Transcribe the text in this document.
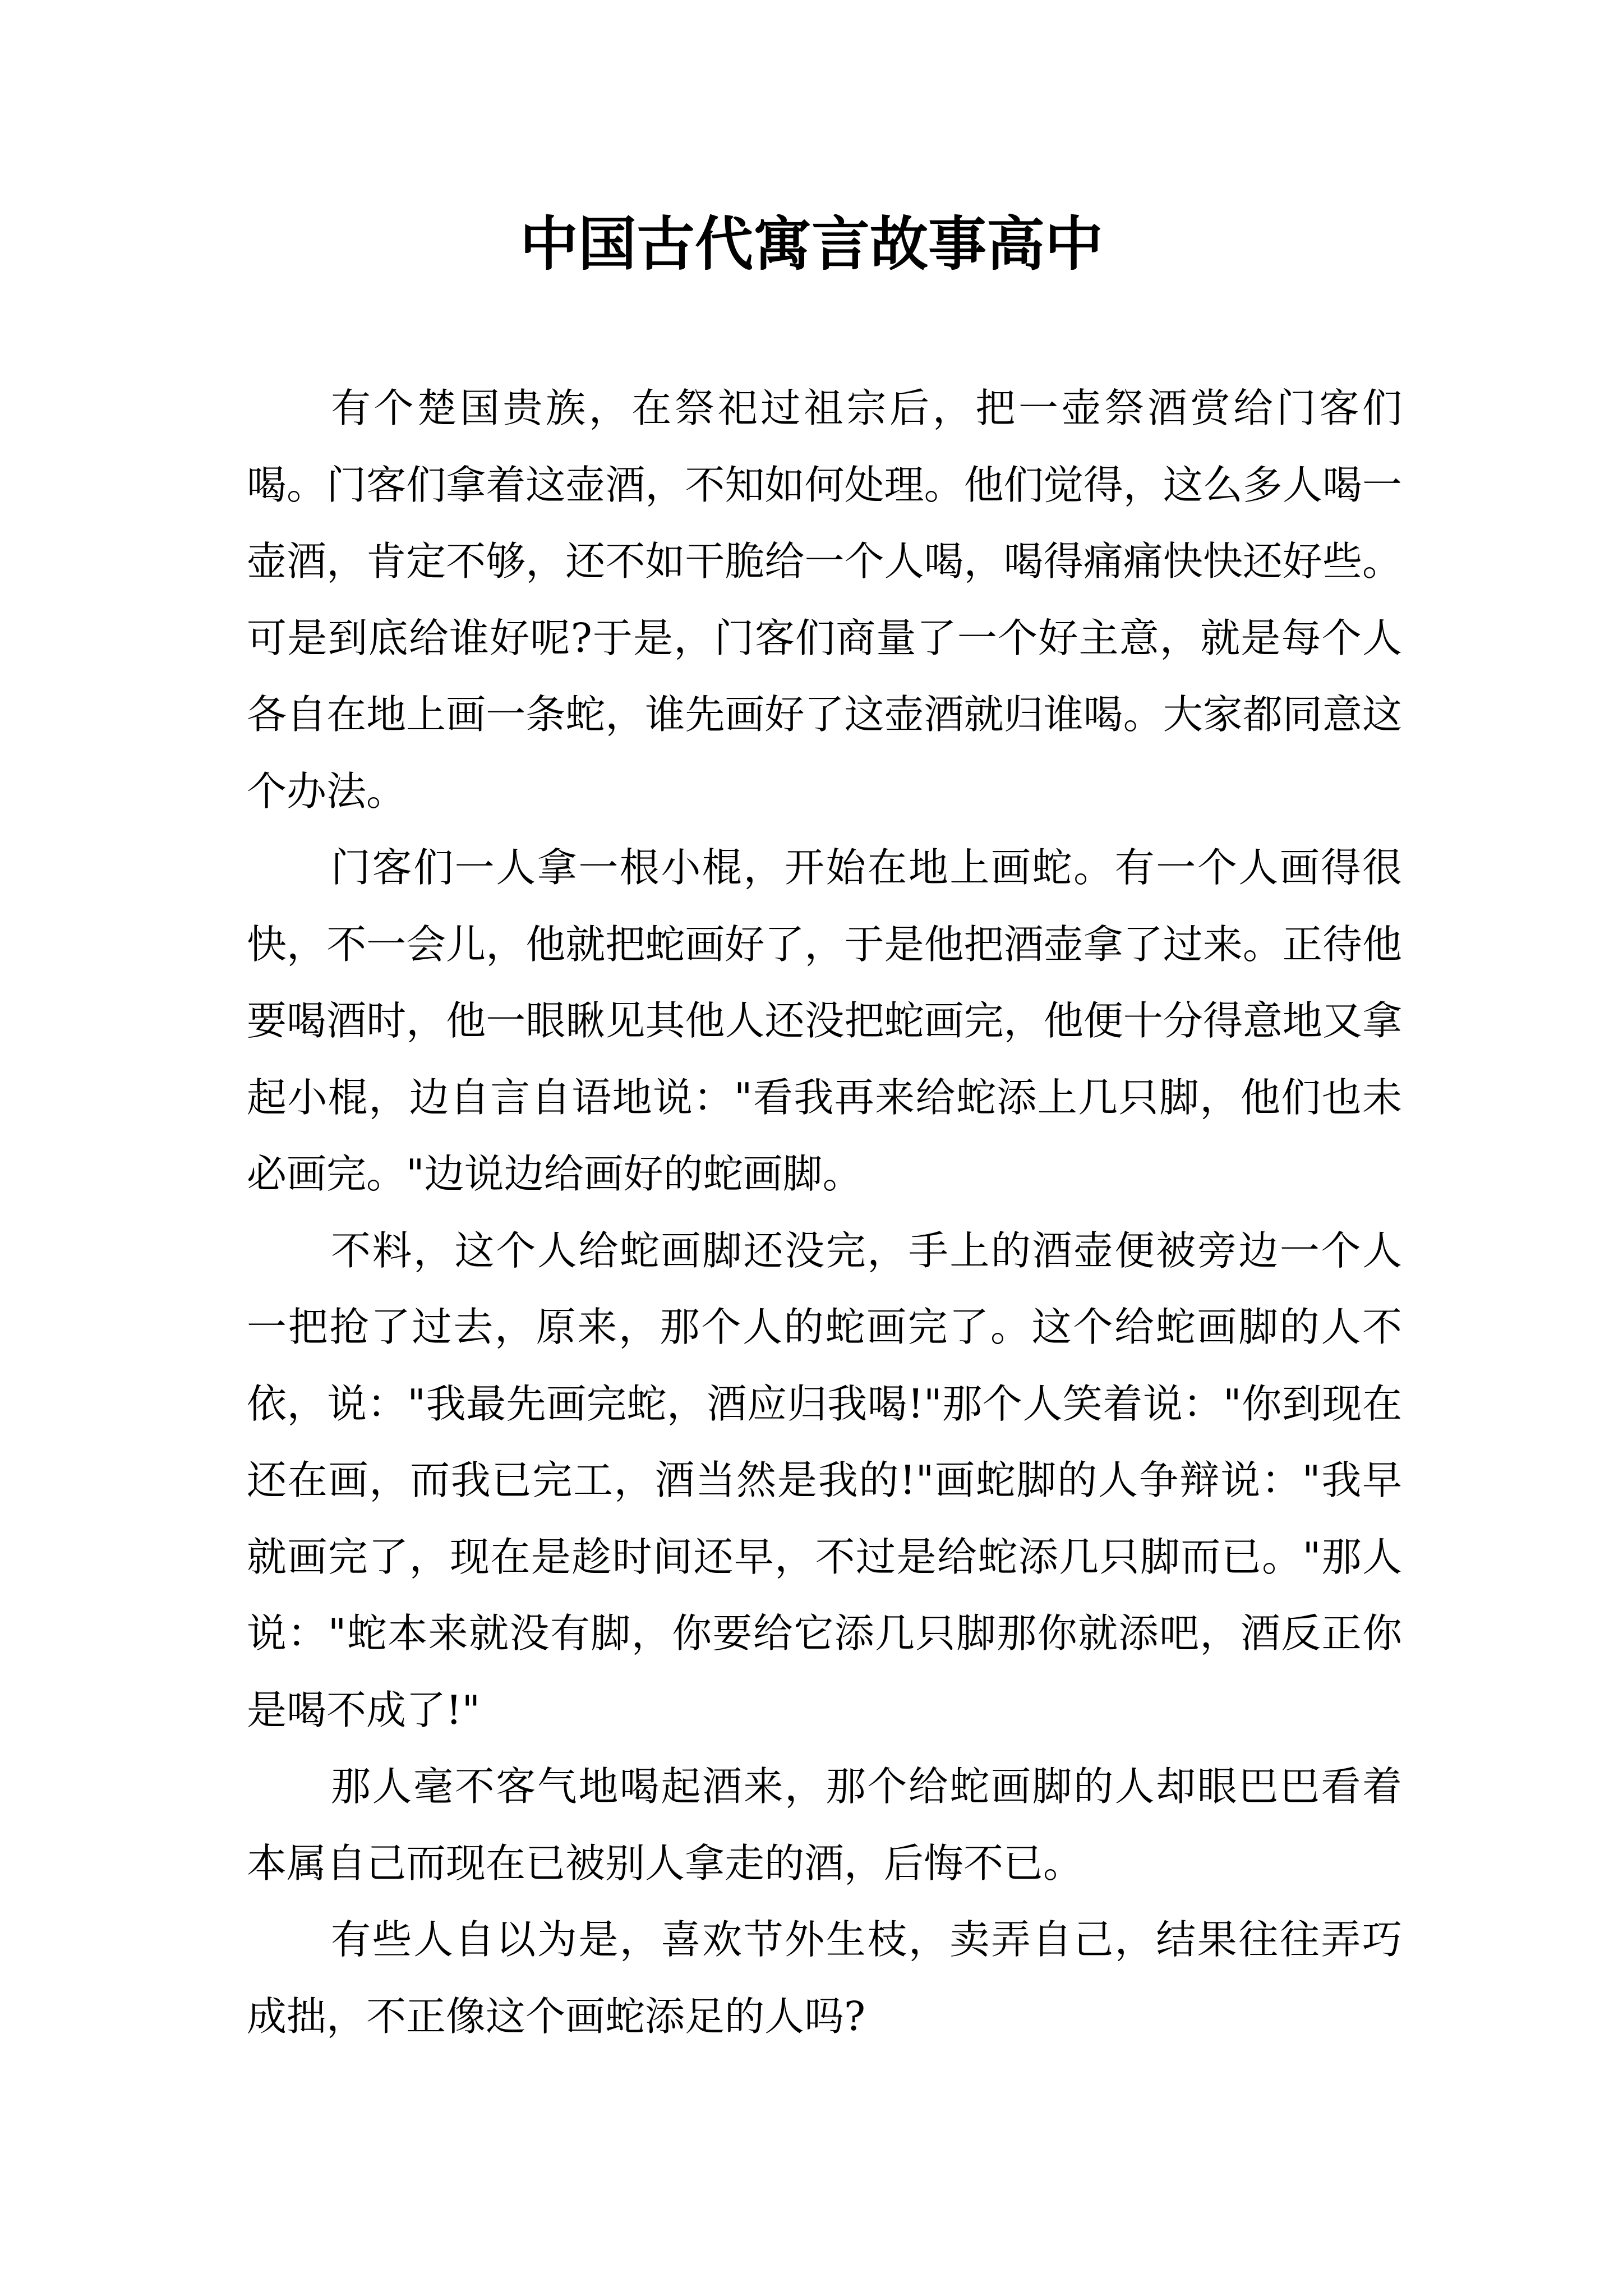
中国古代寓言故事高中

有个楚国贵族，在祭祀过祖宗后，把一壶祭酒赏给门客们喝。门客们拿着这壶酒，不知如何处理。他们觉得，这么多人喝一壶酒，肯定不够，还不如干脆给一个人喝，喝得痛痛快快还好些。可是到底给谁好呢?于是，门客们商量了一个好主意，就是每个人各自在地上画一条蛇，谁先画好了这壶酒就归谁喝。大家都同意这个办法。

门客们一人拿一根小棍，开始在地上画蛇。有一个人画得很快，不一会儿，他就把蛇画好了，于是他把酒壶拿了过来。正待他要喝酒时，他一眼瞅见其他人还没把蛇画完，他便十分得意地又拿起小棍，边自言自语地说："看我再来给蛇添上几只脚，他们也未必画完。"边说边给画好的蛇画脚。

不料，这个人给蛇画脚还没完，手上的酒壶便被旁边一个人一把抢了过去，原来，那个人的蛇画完了。这个给蛇画脚的人不依，说："我最先画完蛇，酒应归我喝!"那个人笑着说："你到现在还在画，而我已完工，酒当然是我的!"画蛇脚的人争辩说："我早就画完了，现在是趁时间还早，不过是给蛇添几只脚而已。"那人说："蛇本来就没有脚，你要给它添几只脚那你就添吧，酒反正你是喝不成了!"

那人毫不客气地喝起酒来，那个给蛇画脚的人却眼巴巴看着本属自己而现在已被别人拿走的酒，后悔不已。

有些人自以为是，喜欢节外生枝，卖弄自己，结果往往弄巧成拙，不正像这个画蛇添足的人吗?
